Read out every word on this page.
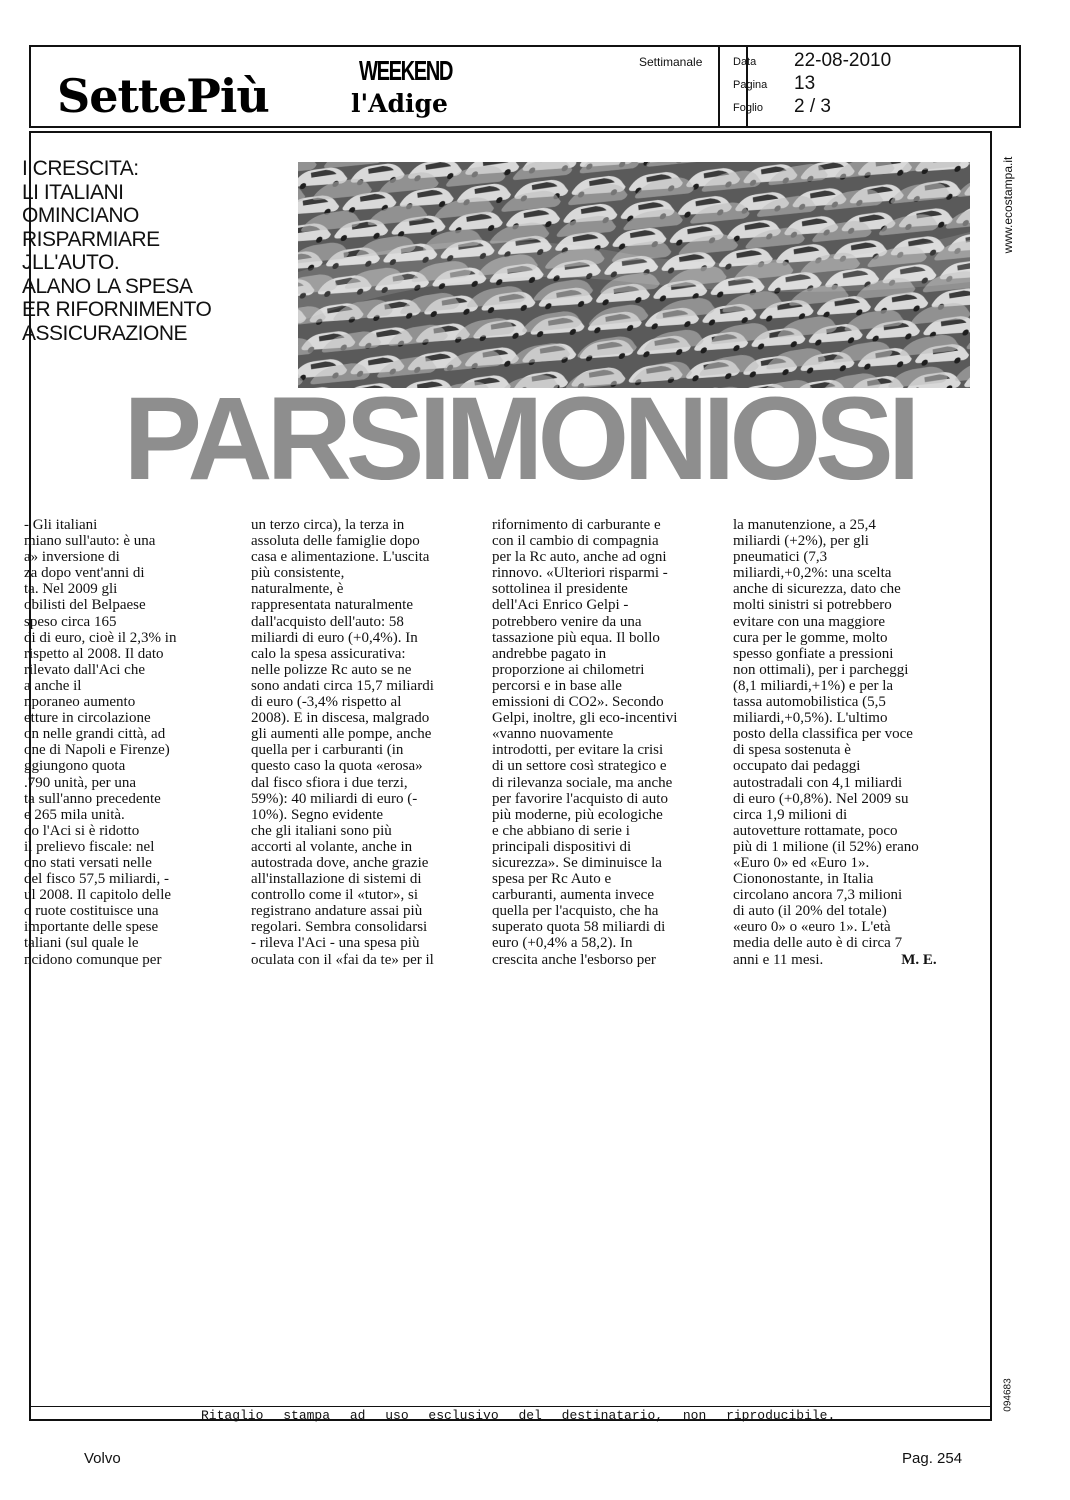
SettePiù	WEEKEND
l'Adige
Settimanale	Data 22-08-2010
Pagina 13
Foglio 2 / 3
www.ecostampa.it
094683
I CRESCITA:
LI ITALIANI
OMINCIANO
RISPARMIARE
JLL'AUTO.
ALANO LA SPESA
ER RIFORNIMENTO
ASSICURAZIONE
PARSIMONIOSI
- Gli italiani
miano sull'auto: è una
a» inversione di
za dopo vent'anni di
ta. Nel 2009 gli
obilisti del Belpaese
speso circa 165
di di euro, cioè il 2,3% in
rispetto al 2008. Il dato
rilevato dall'Aci che
a anche il
nporaneo aumento
etture in circolazione
on nelle grandi città, ad
one di Napoli e Firenze)
ggiungono quota
.790 unità, per una
ta sull'anno precedente
e 265 mila unità.
do l'Aci si è ridotto
il prelievo fiscale: nel
ono stati versati nelle
del fisco 57,5 miliardi, -
ul 2008. Il capitolo delle
o ruote costituisce una
importante delle spese
taliani (sul quale le
ncidono comunque per
un terzo circa), la terza in
assoluta delle famiglie dopo
casa e alimentazione. L'uscita
più consistente,
naturalmente, è
rappresentata naturalmente
dall'acquisto dell'auto: 58
miliardi di euro (+0,4%). In
calo la spesa assicurativa:
nelle polizze Rc auto se ne
sono andati circa 15,7 miliardi
di euro (-3,4% rispetto al
2008). E in discesa, malgrado
gli aumenti alle pompe, anche
quella per i carburanti (in
questo caso la quota «erosa»
dal fisco sfiora i due terzi,
59%): 40 miliardi di euro (-
10%). Segno evidente
che gli italiani sono più
accorti al volante, anche in
autostrada dove, anche grazie
all'installazione di sistemi di
controllo come il «tutor», si
registrano andature assai più
regolari. Sembra consolidarsi
- rileva l'Aci - una spesa più
oculata con il «fai da te» per il
rifornimento di carburante e
con il cambio di compagnia
per la Rc auto, anche ad ogni
rinnovo. «Ulteriori risparmi -
sottolinea il presidente
dell'Aci Enrico Gelpi -
potrebbero venire da una
tassazione più equa. Il bollo
andrebbe pagato in
proporzione ai chilometri
percorsi e in base alle
emissioni di CO2». Secondo
Gelpi, inoltre, gli eco-incentivi
«vanno nuovamente
introdotti, per evitare la crisi
di un settore così strategico e
di rilevanza sociale, ma anche
per favorire l'acquisto di auto
più moderne, più ecologiche
e che abbiano di serie i
principali dispositivi di
sicurezza». Se diminuisce la
spesa per Rc Auto e
carburanti, aumenta invece
quella per l'acquisto, che ha
superato quota 58 miliardi di
euro (+0,4% a 58,2). In
crescita anche l'esborso per
la manutenzione, a 25,4
miliardi (+2%), per gli
pneumatici (7,3
miliardi,+0,2%: una scelta
anche di sicurezza, dato che
molti sinistri si potrebbero
evitare con una maggiore
cura per le gomme, molto
spesso gonfiate a pressioni
non ottimali), per i parcheggi
(8,1 miliardi,+1%) e per la
tassa automobilistica (5,5
miliardi,+0,5%). L'ultimo
posto della classifica per voce
di spesa sostenuta è
occupato dai pedaggi
autostradali con 4,1 miliardi
di euro (+0,8%). Nel 2009 su
circa 1,9 milioni di
autovetture rottamate, poco
più di 1 milione (il 52%) erano
«Euro 0» ed «Euro 1».
Ciononostante, in Italia
circolano ancora 7,3 milioni
di auto (il 20% del totale)
«euro 0» o «euro 1». L'età
media delle auto è di circa 7
anni e 11 mesi.	M. E.
Ritaglio stampa ad uso esclusivo del destinatario, non riproducibile.
Volvo	Pag. 254
